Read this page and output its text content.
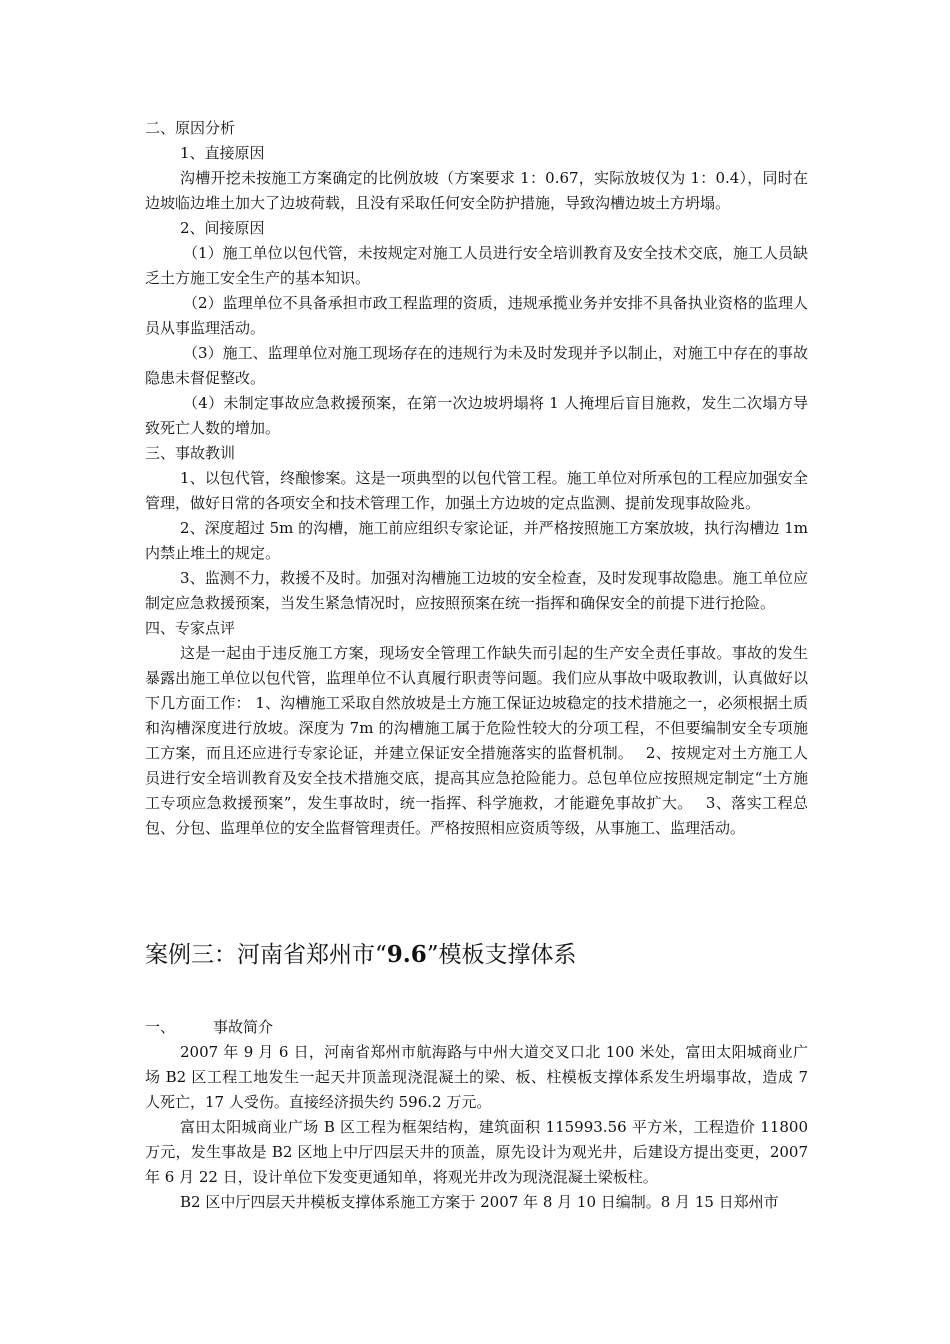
二、原因分析

1、直接原因

沟槽开挖未按施工方案确定的比例放坡（方案要求 1：0.67，实际放坡仅为 1：0.4），同时在边坡临边堆土加大了边坡荷载，且没有采取任何安全防护措施，导致沟槽边坡土方坍塌。

2、间接原因

（1）施工单位以包代管，未按规定对施工人员进行安全培训教育及安全技术交底，施工人员缺乏土方施工安全生产的基本知识。

（2）监理单位不具备承担市政工程监理的资质，违规承揽业务并安排不具备执业资格的监理人员从事监理活动。

（3）施工、监理单位对施工现场存在的违规行为未及时发现并予以制止，对施工中存在的事故隐患未督促整改。

（4）未制定事故应急救援预案，在第一次边坡坍塌将 1 人掩埋后盲目施救，发生二次塌方导致死亡人数的增加。

三、事故教训

1、以包代管，终酿惨案。这是一项典型的以包代管工程。施工单位对所承包的工程应加强安全管理，做好日常的各项安全和技术管理工作，加强土方边坡的定点监测、提前发现事故险兆。

2、深度超过 5m 的沟槽，施工前应组织专家论证，并严格按照施工方案放坡，执行沟槽边 1m 内禁止堆土的规定。

3、监测不力，救援不及时。加强对沟槽施工边坡的安全检查，及时发现事故隐患。施工单位应制定应急救援预案，当发生紧急情况时，应按照预案在统一指挥和确保安全的前提下进行抢险。

四、专家点评

这是一起由于违反施工方案，现场安全管理工作缺失而引起的生产安全责任事故。事故的发生暴露出施工单位以包代管，监理单位不认真履行职责等问题。我们应从事故中吸取教训，认真做好以下几方面工作： 1、沟槽施工采取自然放坡是土方施工保证边坡稳定的技术措施之一，必须根据土质和沟槽深度进行放坡。深度为 7m 的沟槽施工属于危险性较大的分项工程，不但要编制安全专项施工方案，而且还应进行专家论证，并建立保证安全措施落实的监督机制。　 2、按规定对土方施工人员进行安全培训教育及安全技术措施交底，提高其应急抢险能力。总包单位应按照规定制定“土方施工专项应急救援预案”，发生事故时，统一指挥、科学施救，才能避免事故扩大。　 3、落实工程总包、分包、监理单位的安全监督管理责任。严格按照相应资质等级，从事施工、监理活动。

案例三：河南省郑州市“9.6”模板支撑体系

一、	事故简介

2007 年 9 月 6 日，河南省郑州市航海路与中州大道交叉口北 100 米处，富田太阳城商业广场 B2 区工程工地发生一起天井顶盖现浇混凝土的梁、板、柱模板支撑体系发生坍塌事故，造成 7 人死亡，17 人受伤。直接经济损失约 596.2 万元。

富田太阳城商业广场 B 区工程为框架结构，建筑面积 115993.56 平方米，工程造价 11800 万元，发生事故是 B2 区地上中厅四层天井的顶盖，原先设计为观光井，后建设方提出变更，2007 年 6 月 22 日，设计单位下发变更通知单，将观光井改为现浇混凝土梁板柱。

B2 区中厅四层天井模板支撑体系施工方案于 2007 年 8 月 10 日编制。8 月 15 日郑州市
